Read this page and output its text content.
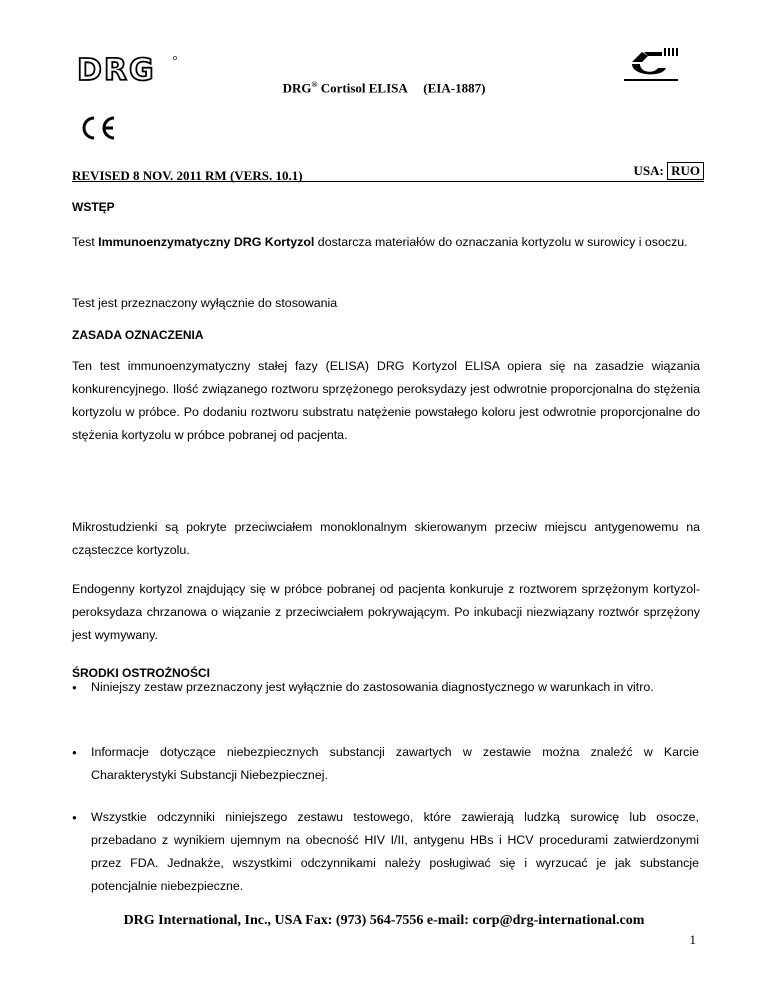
DRG	DRG® Cortisol ELISA (EIA-1887)
REVISED 8 NOV. 2011 RM (VERS. 10.1)	USA: RUO
WSTĘP

Test Immunoenzymatyczny DRG Kortyzol dostarcza materiałów do oznaczania kortyzolu w surowicy i osoczu.

Test jest przeznaczony wyłącznie do stosowania

ZASADA OZNACZENIA

Ten test immunoenzymatyczny stałej fazy (ELISA) DRG Kortyzol ELISA opiera się na zasadzie wiązania konkurencyjnego. Ilość związanego roztworu sprzężonego peroksydazy jest odwrotnie proporcjonalna do stężenia kortyzolu w próbce. Po dodaniu roztworu substratu natężenie powstałego koloru jest odwrotnie proporcjonalne do stężenia kortyzolu w próbce pobranej od pacjenta.

Mikrostudzienki są pokryte przeciwciałem monoklonalnym skierowanym przeciw miejscu antygenowemu na cząsteczce kortyzolu.

Endogenny kortyzol znajdujący się w próbce pobranej od pacjenta konkuruje z roztworem sprzężonym kortyzol-peroksydaza chrzanowa o wiązanie z przeciwciałem pokrywającym. Po inkubacji niezwiązany roztwór sprzężony jest wymywany.

ŚRODKI OSTROŻNOŚCI
●
●
●
DRG International, Inc., USA Fax: (973) 564-7556 e-mail: corp@drg-international.com
1

Niniejszy zestaw przeznaczony jest wyłącznie do zastosowania diagnostycznego w warunkach in vitro.

Informacje dotyczące niebezpiecznych substancji zawartych w zestawie można znaleźć w Karcie Charakterystyki Substancji Niebezpiecznej.

Wszystkie odczynniki niniejszego zestawu testowego, które zawierają ludzką surowicę lub osocze, przebadano z wynikiem ujemnym na obecność HIV I/II, antygenu HBs i HCV procedurami zatwierdzonymi przez FDA. Jednakże, wszystkimi odczynnikami należy posługiwać się i wyrzucać je jak substancje potencjalnie niebezpieczne.
